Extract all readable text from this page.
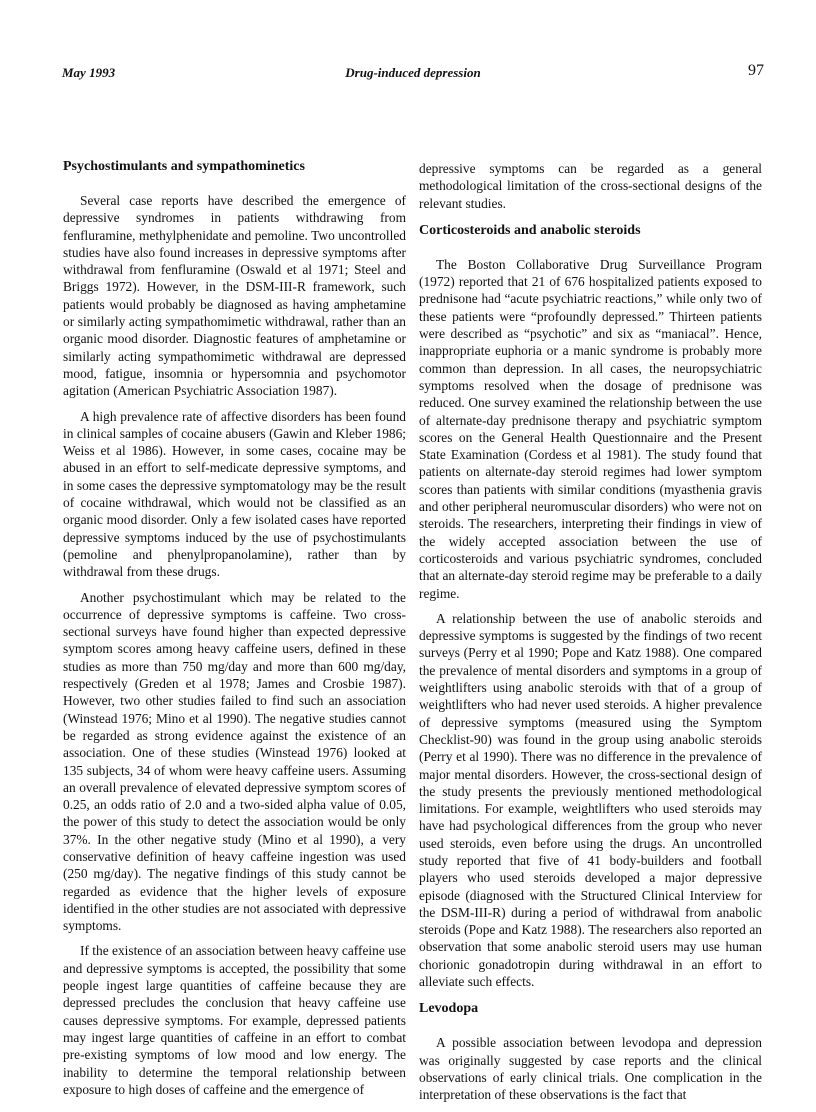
May 1993	Drug-induced depression	97
Psychostimulants and sympathominetics

Several case reports have described the emergence of depressive syndromes in patients withdrawing from fenfluramine, methylphenidate and pemoline. Two uncontrolled studies have also found increases in depressive symptoms after withdrawal from fenfluramine (Oswald et al 1971; Steel and Briggs 1972). However, in the DSM-III-R framework, such patients would probably be diagnosed as having amphetamine or similarly acting sympathomimetic withdrawal, rather than an organic mood disorder. Diagnostic features of amphetamine or similarly acting sympathomimetic withdrawal are depressed mood, fatigue, insomnia or hypersomnia and psychomotor agitation (American Psychiatric Association 1987).

A high prevalence rate of affective disorders has been found in clinical samples of cocaine abusers (Gawin and Kleber 1986; Weiss et al 1986). However, in some cases, cocaine may be abused in an effort to self-medicate depressive symptoms, and in some cases the depressive symptomatology may be the result of cocaine withdrawal, which would not be classified as an organic mood disorder. Only a few isolated cases have reported depressive symptoms induced by the use of psychostimulants (pemoline and phenylpropanolamine), rather than by withdrawal from these drugs.

Another psychostimulant which may be related to the occurrence of depressive symptoms is caffeine. Two cross-sectional surveys have found higher than expected depressive symptom scores among heavy caffeine users, defined in these studies as more than 750 mg/day and more than 600 mg/day, respectively (Greden et al 1978; James and Crosbie 1987). However, two other studies failed to find such an association (Winstead 1976; Mino et al 1990). The negative studies cannot be regarded as strong evidence against the existence of an association. One of these studies (Winstead 1976) looked at 135 subjects, 34 of whom were heavy caffeine users. Assuming an overall prevalence of elevated depressive symptom scores of 0.25, an odds ratio of 2.0 and a two-sided alpha value of 0.05, the power of this study to detect the association would be only 37%. In the other negative study (Mino et al 1990), a very conservative definition of heavy caffeine ingestion was used (250 mg/day). The negative findings of this study cannot be regarded as evidence that the higher levels of exposure identified in the other studies are not associated with depressive symptoms.

If the existence of an association between heavy caffeine use and depressive symptoms is accepted, the possibility that some people ingest large quantities of caffeine because they are depressed precludes the conclusion that heavy caffeine use causes depressive symptoms. For example, depressed patients may ingest large quantities of caffeine in an effort to combat pre-existing symptoms of low mood and low energy. The inability to determine the temporal relationship between exposure to high doses of caffeine and the emergence of

depressive symptoms can be regarded as a general methodological limitation of the cross-sectional designs of the relevant studies.

Corticosteroids and anabolic steroids

The Boston Collaborative Drug Surveillance Program (1972) reported that 21 of 676 hospitalized patients exposed to prednisone had “acute psychiatric reactions,” while only two of these patients were “profoundly depressed.” Thirteen patients were described as “psychotic” and six as “maniacal”. Hence, inappropriate euphoria or a manic syndrome is probably more common than depression. In all cases, the neuropsychiatric symptoms resolved when the dosage of prednisone was reduced. One survey examined the relationship between the use of alternate-day prednisone therapy and psychiatric symptom scores on the General Health Questionnaire and the Present State Examination (Cordess et al 1981). The study found that patients on alternate-day steroid regimes had lower symptom scores than patients with similar conditions (myasthenia gravis and other peripheral neuromuscular disorders) who were not on steroids. The researchers, interpreting their findings in view of the widely accepted association between the use of corticosteroids and various psychiatric syndromes, concluded that an alternate-day steroid regime may be preferable to a daily regime.

A relationship between the use of anabolic steroids and depressive symptoms is suggested by the findings of two recent surveys (Perry et al 1990; Pope and Katz 1988). One compared the prevalence of mental disorders and symptoms in a group of weightlifters using anabolic steroids with that of a group of weightlifters who had never used steroids. A higher prevalence of depressive symptoms (measured using the Symptom Checklist-90) was found in the group using anabolic steroids (Perry et al 1990). There was no difference in the prevalence of major mental disorders. However, the cross-sectional design of the study presents the previously mentioned methodological limitations. For example, weightlifters who used steroids may have had psychological differences from the group who never used steroids, even before using the drugs. An uncontrolled study reported that five of 41 body-builders and football players who used steroids developed a major depressive episode (diagnosed with the Structured Clinical Interview for the DSM-III-R) during a period of withdrawal from anabolic steroids (Pope and Katz 1988). The researchers also reported an observation that some anabolic steroid users may use human chorionic gonadotropin during withdrawal in an effort to alleviate such effects.

Levodopa

A possible association between levodopa and depression was originally suggested by case reports and the clinical observations of early clinical trials. One complication in the interpretation of these observations is the fact that
